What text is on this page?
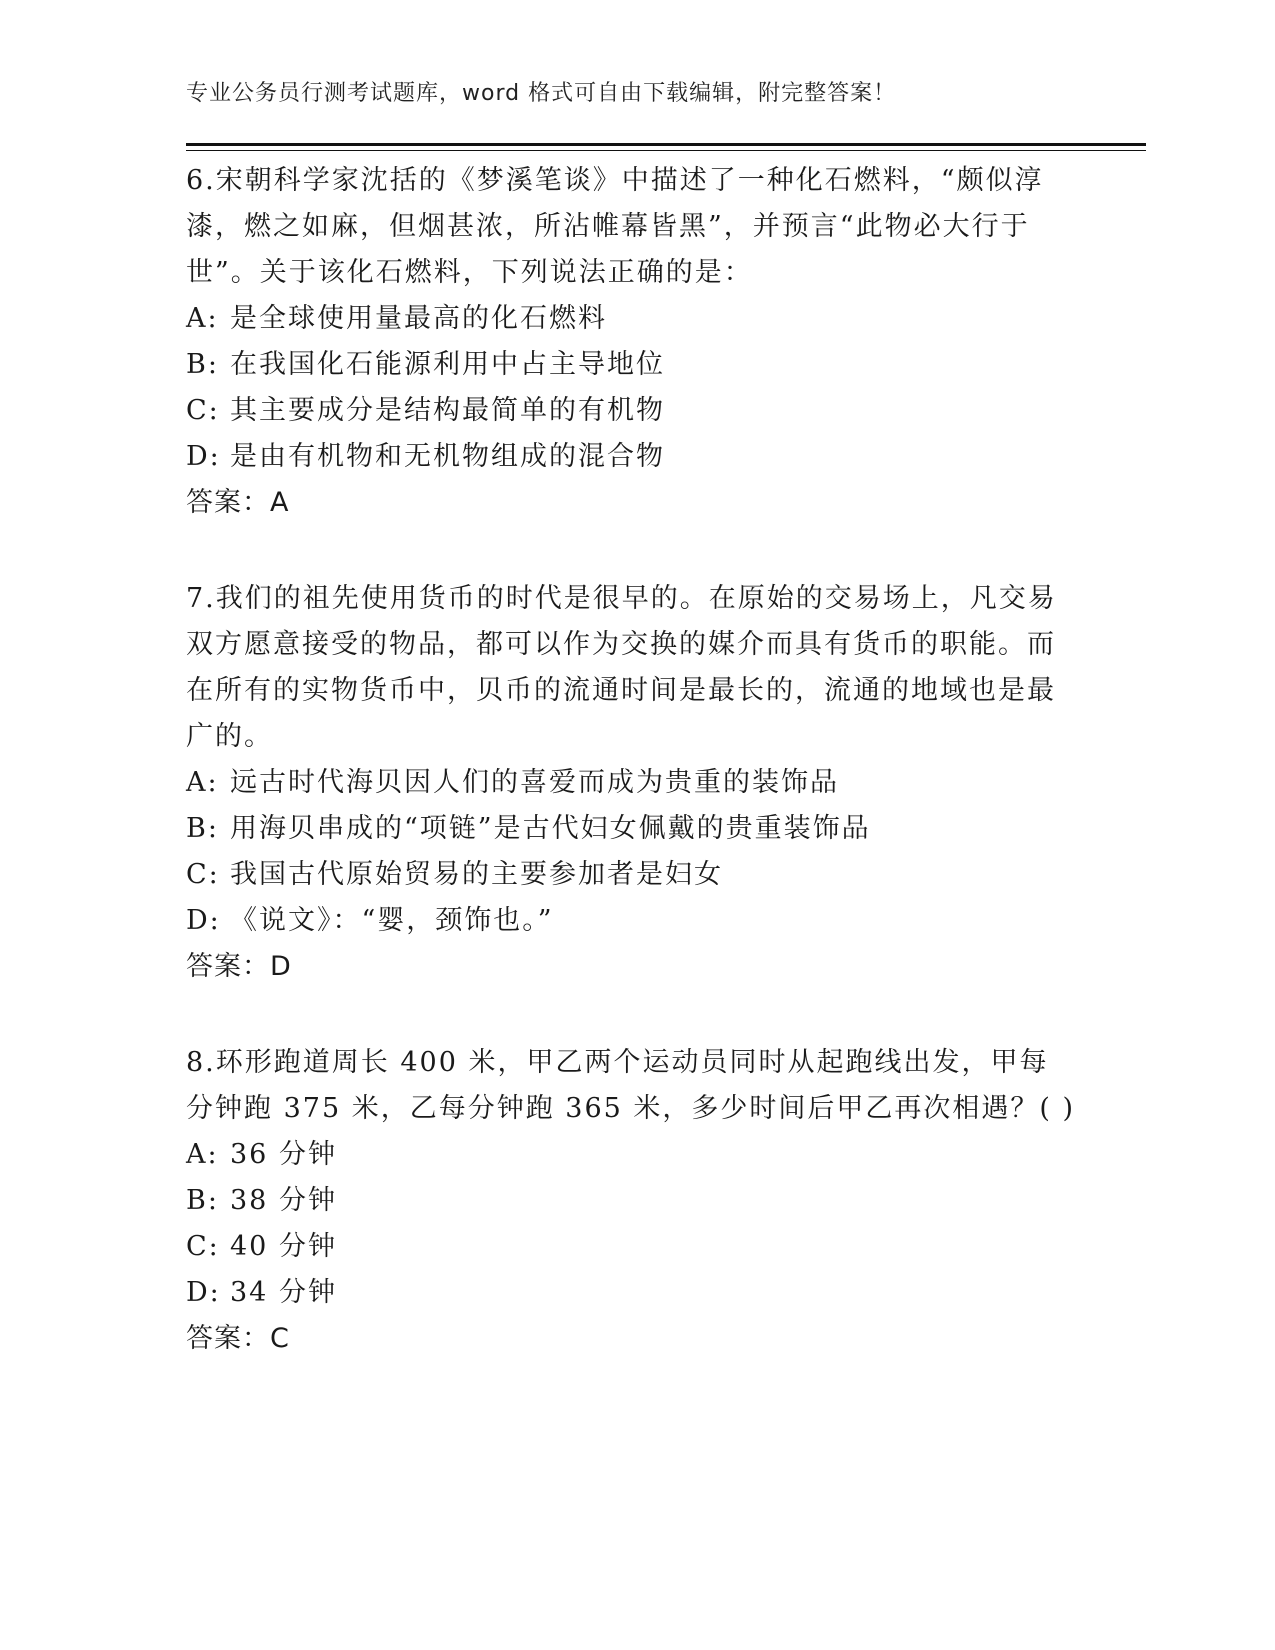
专业公务员行测考试题库，word 格式可自由下载编辑，附完整答案！

6.宋朝科学家沈括的《梦溪笔谈》中描述了一种化石燃料，“颇似淳漆，燃之如麻，但烟甚浓，所沾帷幕皆黑”，并预言“此物必大行于世”。关于该化石燃料，下列说法正确的是：

A: 是全球使用量最高的化石燃料

B: 在我国化石能源利用中占主导地位

C: 其主要成分是结构最简单的有机物

D: 是由有机物和无机物组成的混合物

答案：A

7.我们的祖先使用货币的时代是很早的。在原始的交易场上，凡交易双方愿意接受的物品，都可以作为交换的媒介而具有货币的职能。而在所有的实物货币中，贝币的流通时间是最长的，流通的地域也是最广的。

A: 远古时代海贝因人们的喜爱而成为贵重的装饰品

B: 用海贝串成的“项链”是古代妇女佩戴的贵重装饰品

C: 我国古代原始贸易的主要参加者是妇女

D: 《说文》：“婴，颈饰也。”

答案：D

8.环形跑道周长 400 米，甲乙两个运动员同时从起跑线出发，甲每分钟跑 375 米，乙每分钟跑 365 米，多少时间后甲乙再次相遇？( )

A: 36 分钟

B: 38 分钟

C: 40 分钟

D: 34 分钟

答案：C
